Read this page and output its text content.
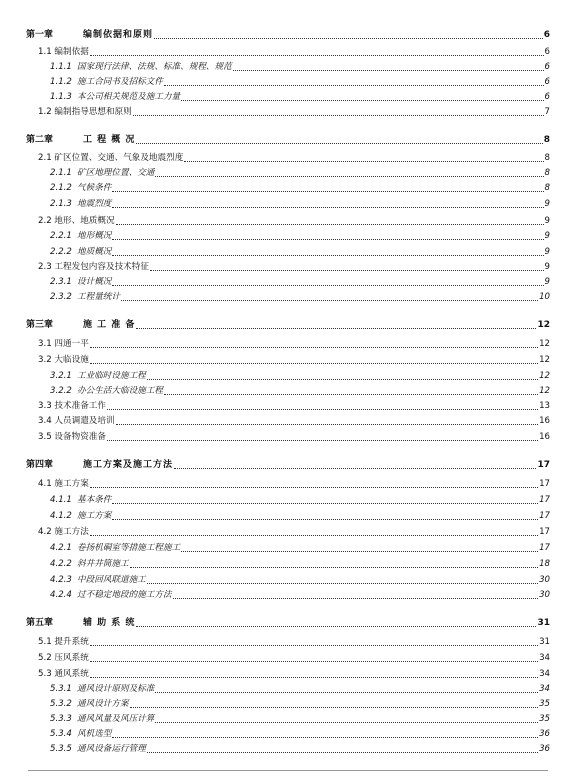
第一章	编制依据和原则	6
1.1 编制依据	6
1.1.1 国家现行法律、法规、标准、规程、规范	6
1.1.2 施工合同书及招标文件	6
1.1.3 本公司相关规范及施工力量	6
1.2 编制指导思想和原则	7
第二章	工 程 概 况	8
2.1 矿区位置、交通、气象及地震烈度	8
2.1.1 矿区地理位置、交通	8
2.1.2 气候条件	8
2.1.3 地震烈度	9
2.2 地形、地质概况	9
2.2.1 地形概况	9
2.2.2 地质概况	9
2.3 工程发包内容及技术特征	9
2.3.1 设计概况	9
2.3.2 工程量统计	10
第三章	施 工 准 备	12
3.1 四通一平	12
3.2 大临设施	12
3.2.1 工业临时设施工程	12
3.2.2 办公生活大临设施工程	12
3.3 技术准备工作	13
3.4 人员调遣及培训	16
3.5 设备物资准备	16
第四章	施工方案及施工方法	17
4.1 施工方案	17
4.1.1 基本条件	17
4.1.2 施工方案	17
4.2 施工方法	17
4.2.1 卷扬机硐室等措施工程施工	17
4.2.2 斜井井筒施工	18
4.2.3 中段回风联道施工	30
4.2.4 过不稳定地段的施工方法	30
第五章	辅 助 系 统	31
5.1 提升系统	31
5.2 压风系统	34
5.3 通风系统	34
5.3.1 通风设计原则及标准	34
5.3.2 通风设计方案	35
5.3.3 通风风量及风压计算	35
5.3.4 风机选型	36
5.3.5 通风设备运行管理	36
